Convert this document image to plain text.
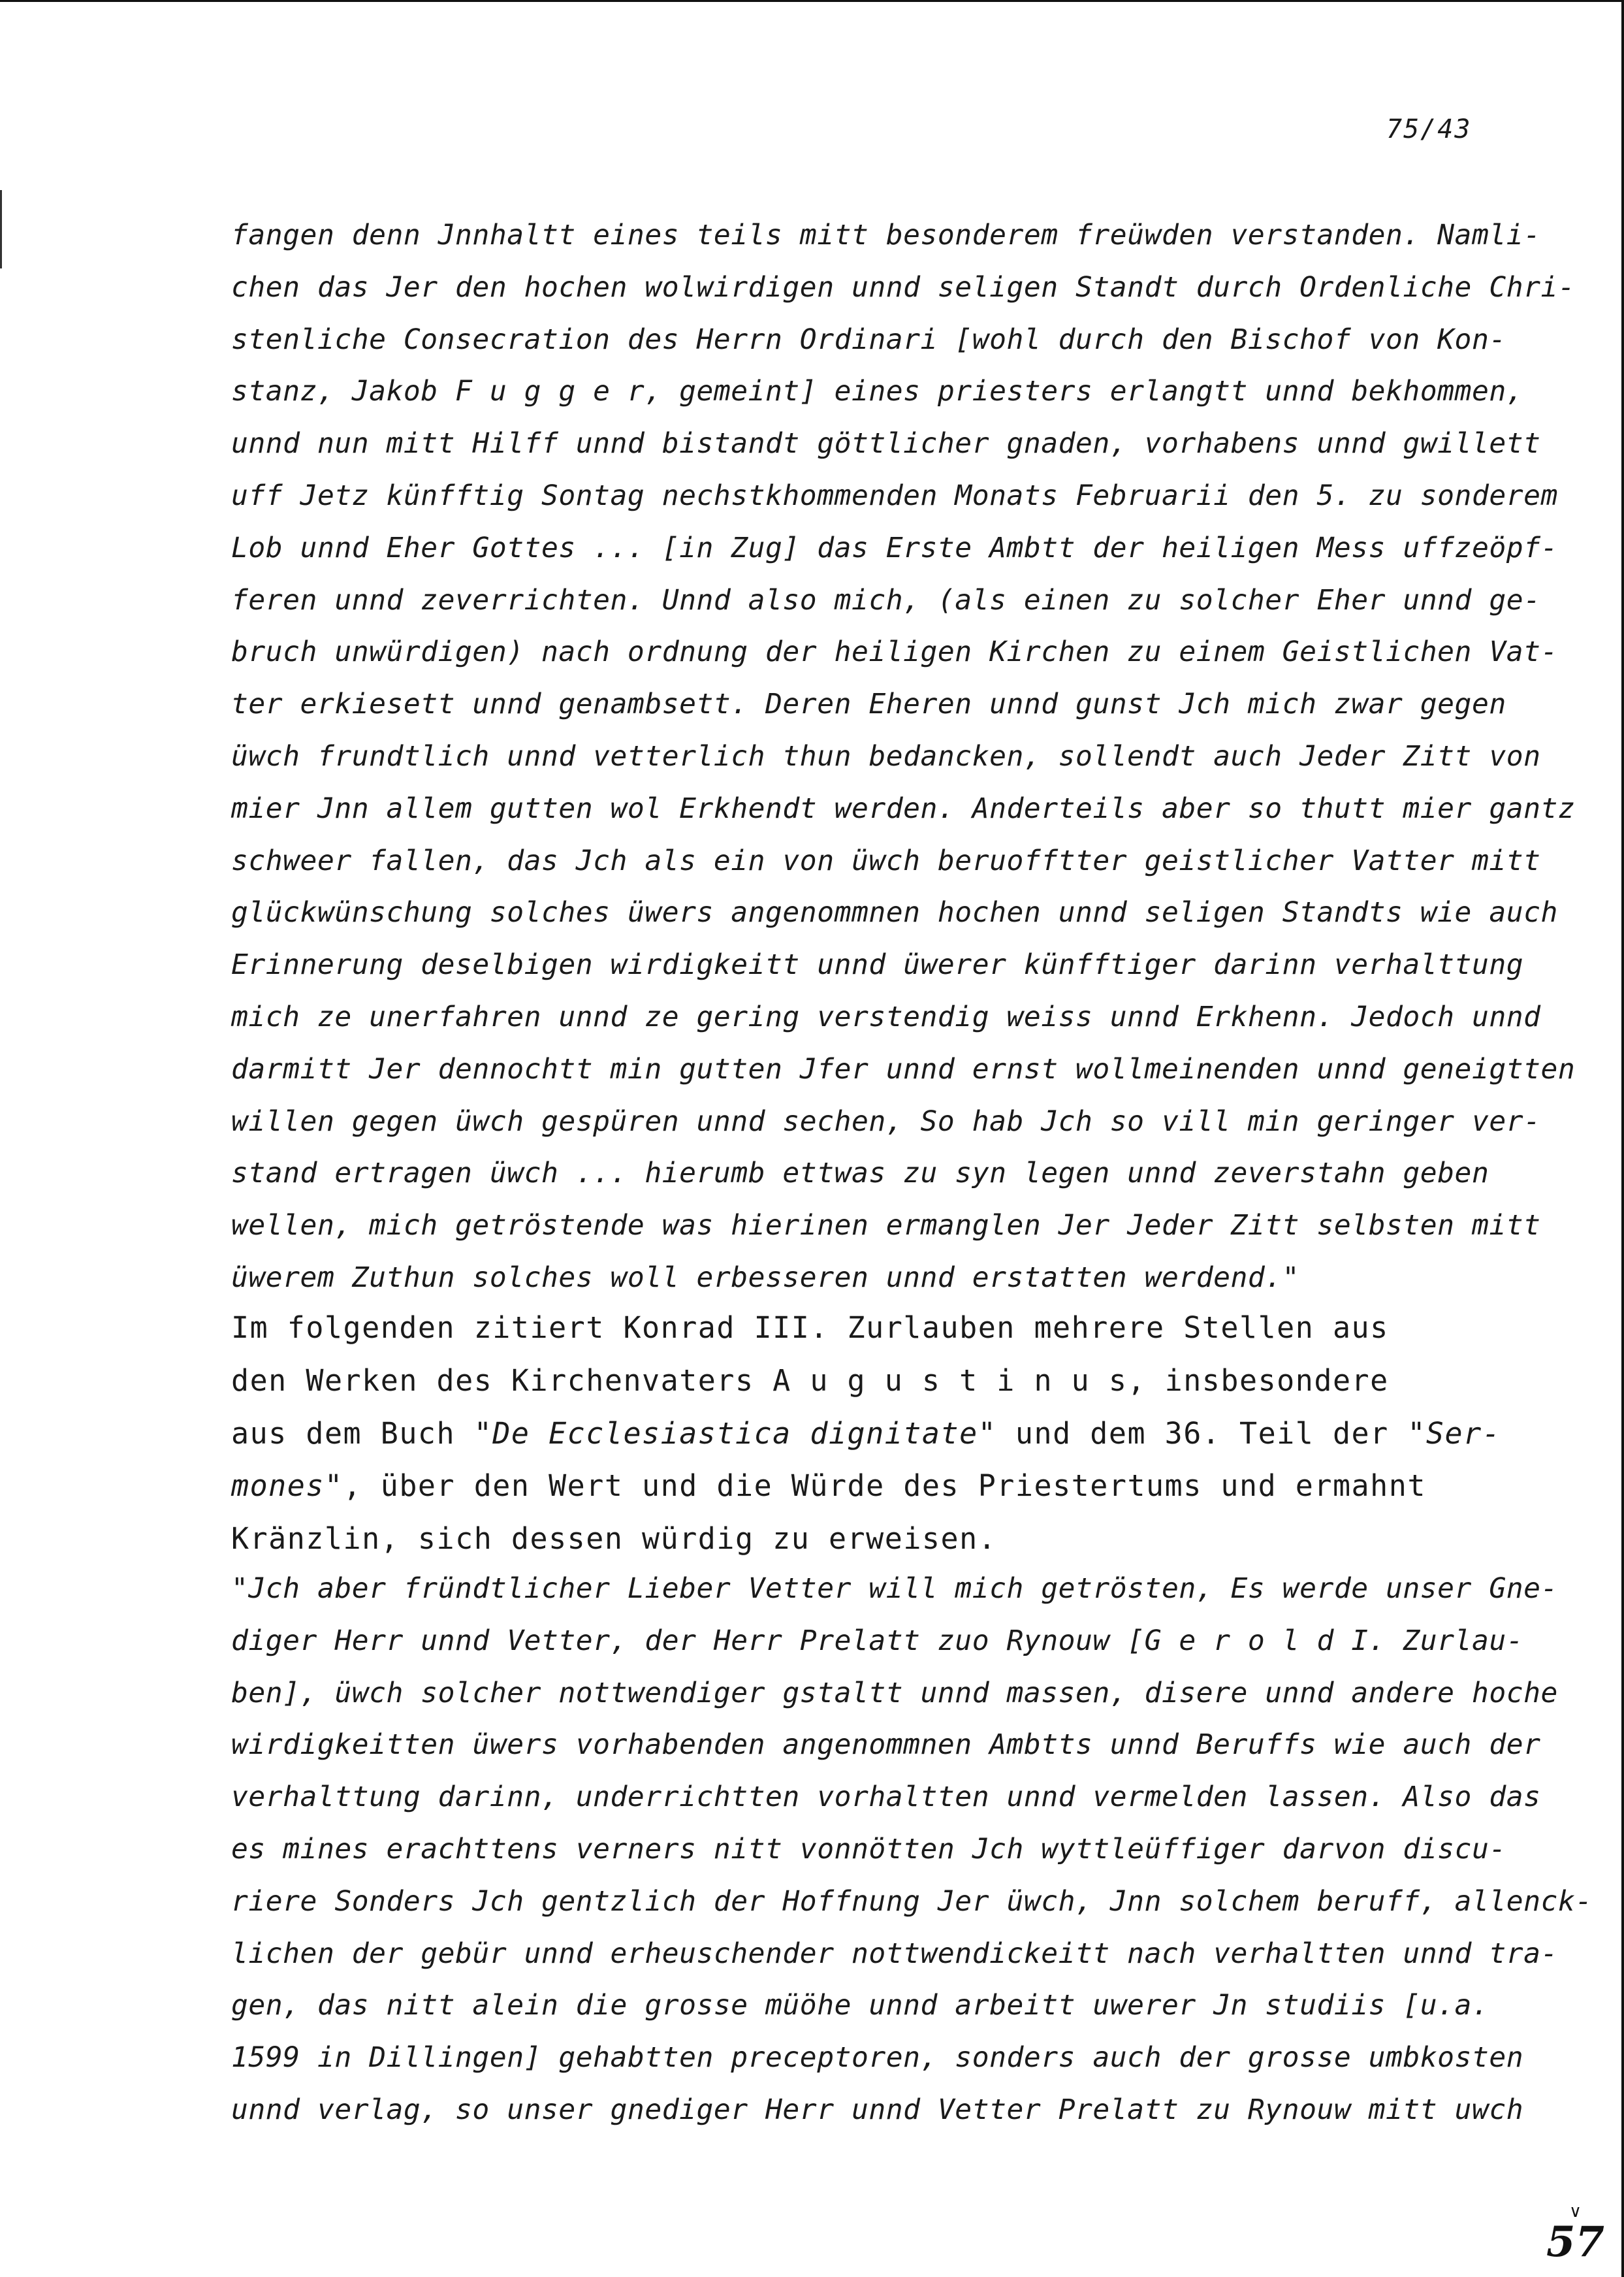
75/43
fangen denn Jnnhaltt eines teils mitt besonderem freüwden verstanden. Namli-
chen das Jer den hochen wolwirdigen unnd seligen Standt durch Ordenliche Chri-
stenliche Consecration des Herrn Ordinari [wohl durch den Bischof von Kon-
stanz, Jakob F u g g e r, gemeint] eines priesters erlangtt unnd bekhommen,
unnd nun mitt Hilff unnd bistandt göttlicher gnaden, vorhabens unnd gwillett
uff Jetz künfftig Sontag nechstkhommenden Monats Februarii den 5. zu sonderem
Lob unnd Eher Gottes ... [in Zug] das Erste Ambtt der heiligen Mess uffzeöpf-
feren unnd zeverrichten. Unnd also mich, (als einen zu solcher Eher unnd ge-
bruch unwürdigen) nach ordnung der heiligen Kirchen zu einem Geistlichen Vat-
ter erkiesett unnd genambsett. Deren Eheren unnd gunst Jch mich zwar gegen
üwch frundtlich unnd vetterlich thun bedancken, sollendt auch Jeder Zitt von
mier Jnn allem gutten wol Erkhendt werden. Anderteils aber so thutt mier gantz
schweer fallen, das Jch als ein von üwch beruofftter geistlicher Vatter mitt
glückwünschung solches üwers angenommnen hochen unnd seligen Standts wie auch
Erinnerung deselbigen wirdigkeitt unnd üwerer künfftiger darinn verhalttung
mich ze unerfahren unnd ze gering verstendig weiss unnd Erkhenn. Jedoch unnd
darmitt Jer dennochtt min gutten Jfer unnd ernst wollmeinenden unnd geneigtten
willen gegen üwch gespüren unnd sechen, So hab Jch so vill min geringer ver-
stand ertragen üwch ... hierumb ettwas zu syn legen unnd zeverstahn geben
wellen, mich getröstende was hierinen ermanglen Jer Jeder Zitt selbsten mitt
üwerem Zuthun solches woll erbesseren unnd erstatten werdend."
Im folgenden zitiert Konrad III. Zurlauben mehrere Stellen aus
den Werken des Kirchenvaters A u g u s t i n u s, insbesondere
aus dem Buch "De Ecclesiastica dignitate" und dem 36. Teil der "Ser-
mones", über den Wert und die Würde des Priestertums und ermahnt
Kränzlin, sich dessen würdig zu erweisen.
"Jch aber fründtlicher Lieber Vetter will mich getrösten, Es werde unser Gne-
diger Herr unnd Vetter, der Herr Prelatt zuo Rynouw [G e r o l d I. Zurlau-
ben], üwch solcher nottwendiger gstaltt unnd massen, disere unnd andere hoche
wirdigkeitten üwers vorhabenden angenommnen Ambtts unnd Beruffs wie auch der
verhalttung darinn, underrichtten vorhaltten unnd vermelden lassen. Also das
es mines erachttens verners nitt vonnötten Jch wyttleüffiger darvon discu-
riere Sonders Jch gentzlich der Hoffnung Jer üwch, Jnn solchem beruff, allenck-
lichen der gebür unnd erheuschender nottwendickeitt nach verhaltten unnd tra-
gen, das nitt alein die grosse müöhe unnd arbeitt uwerer Jn studiis [u.a.
1599 in Dillingen] gehabtten preceptoren, sonders auch der grosse umbkosten
unnd verlag, so unser gnediger Herr unnd Vetter Prelatt zu Rynouw mitt uwch
∨
57
